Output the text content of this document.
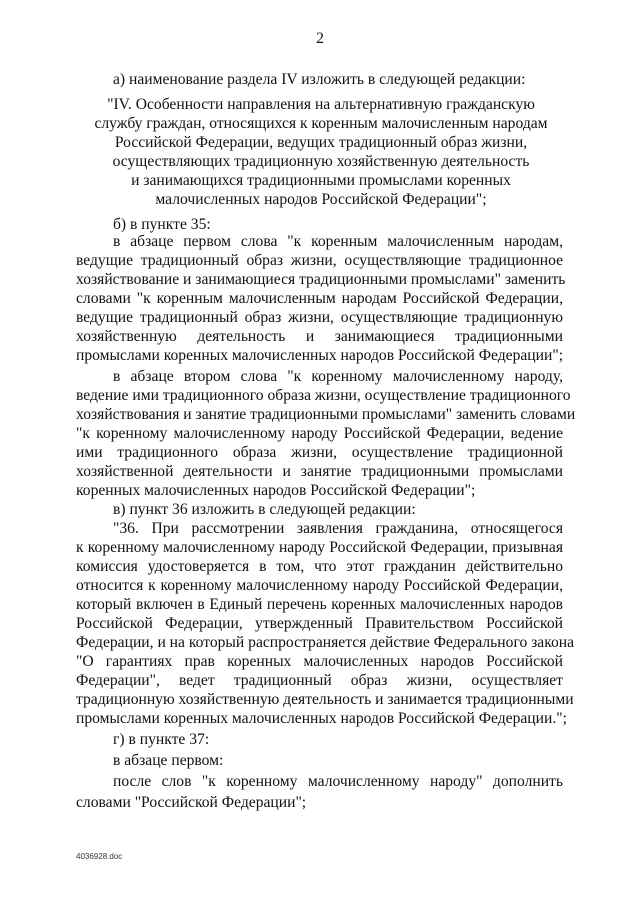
2

а) наименование раздела IV изложить в следующей редакции:

"IV. Особенности направления на альтернативную гражданскую

службу граждан, относящихся к коренным малочисленным народам

Российской Федерации, ведущих традиционный образ жизни,

осуществляющих традиционную хозяйственную деятельность

и занимающихся традиционными промыслами коренных

малочисленных народов Российской Федерации";

б) в пункте 35:

в абзаце первом слова "к коренным малочисленным народам,

ведущие традиционный образ жизни, осуществляющие традиционное

хозяйствование и занимающиеся традиционными промыслами" заменить

словами "к коренным малочисленным народам Российской Федерации,

ведущие традиционный образ жизни, осуществляющие традиционную

хозяйственную деятельность и занимающиеся традиционными

промыслами коренных малочисленных народов Российской Федерации";

в абзаце втором слова "к коренному малочисленному народу,

ведение ими традиционного образа жизни, осуществление традиционного

хозяйствования и занятие традиционными промыслами" заменить словами

"к коренному малочисленному народу Российской Федерации, ведение

ими традиционного образа жизни, осуществление традиционной

хозяйственной деятельности и занятие традиционными промыслами

коренных малочисленных народов Российской Федерации";

в) пункт 36 изложить в следующей редакции:

"36. При рассмотрении заявления гражданина, относящегося

к коренному малочисленному народу Российской Федерации, призывная

комиссия удостоверяется в том, что этот гражданин действительно

относится к коренному малочисленному народу Российской Федерации,

который включен в Единый перечень коренных малочисленных народов

Российской Федерации, утвержденный Правительством Российской

Федерации, и на который распространяется действие Федерального закона

"О гарантиях прав коренных малочисленных народов Российской

Федерации", ведет традиционный образ жизни, осуществляет

традиционную хозяйственную деятельность и занимается традиционными

промыслами коренных малочисленных народов Российской Федерации.";

г) в пункте 37:

в абзаце первом:

после слов "к коренному малочисленному народу" дополнить

словами "Российской Федерации";

4036928.doc
